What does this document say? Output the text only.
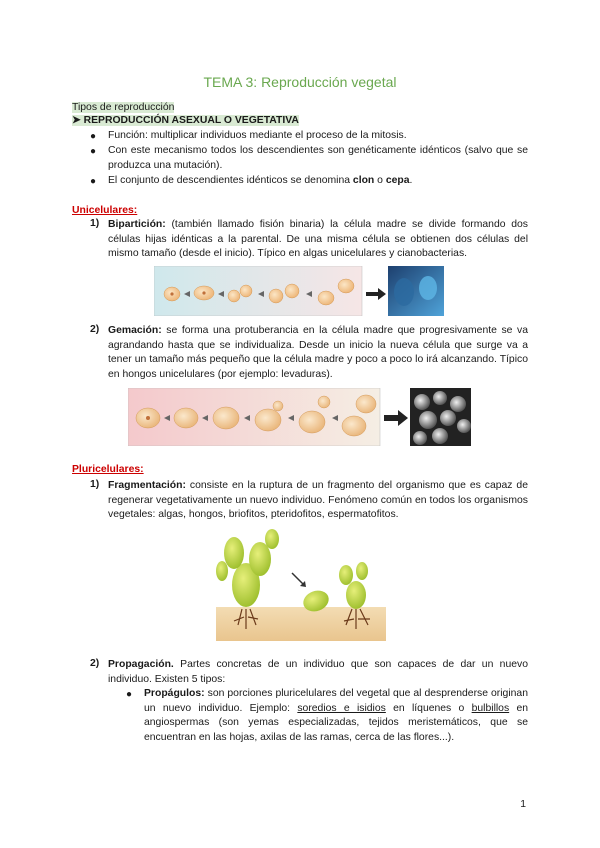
TEMA 3: Reproducción vegetal
Tipos de reproducción
➤ REPRODUCCIÓN ASEXUAL O VEGETATIVA
● Función: multiplicar individuos mediante el proceso de la mitosis.
● Con este mecanismo todos los descendientes son genéticamente idénticos (salvo que se produzca una mutación).
● El conjunto de descendientes idénticos se denomina clon o cepa.
Unicelulares:
1) Bipartición: (también llamado fisión binaria) la célula madre se divide formando dos células hijas idénticas a la parental. De una misma célula se obtienen dos células del mismo tamaño (desde el inicio). Típico en algas unicelulares y cianobacterias.
2) Gemación: se forma una protuberancia en la célula madre que progresivamente se va agrandando hasta que se individualiza. Desde un inicio la nueva célula que surge va a tener un tamaño más pequeño que la célula madre y poco a poco lo irá alcanzando. Típico en hongos unicelulares (por ejemplo: levaduras).
Pluricelulares:
1) Fragmentación: consiste en la ruptura de un fragmento del organismo que es capaz de regenerar vegetativamente un nuevo individuo. Fenómeno común en todos los organismos vegetales: algas, hongos, briofitos, pteridofitos, espermatofitos.
2) Propagación. Partes concretas de un individuo que son capaces de dar un nuevo individuo. Existen 5 tipos:
● Propágulos: son porciones pluricelulares del vegetal que al desprenderse originan un nuevo individuo. Ejemplo: soredios e isidios en líquenes o bulbillos en angiospermas (son yemas especializadas, tejidos meristemáticos, que se encuentran en las hojas, axilas de las ramas, cerca de las flores...).
1
